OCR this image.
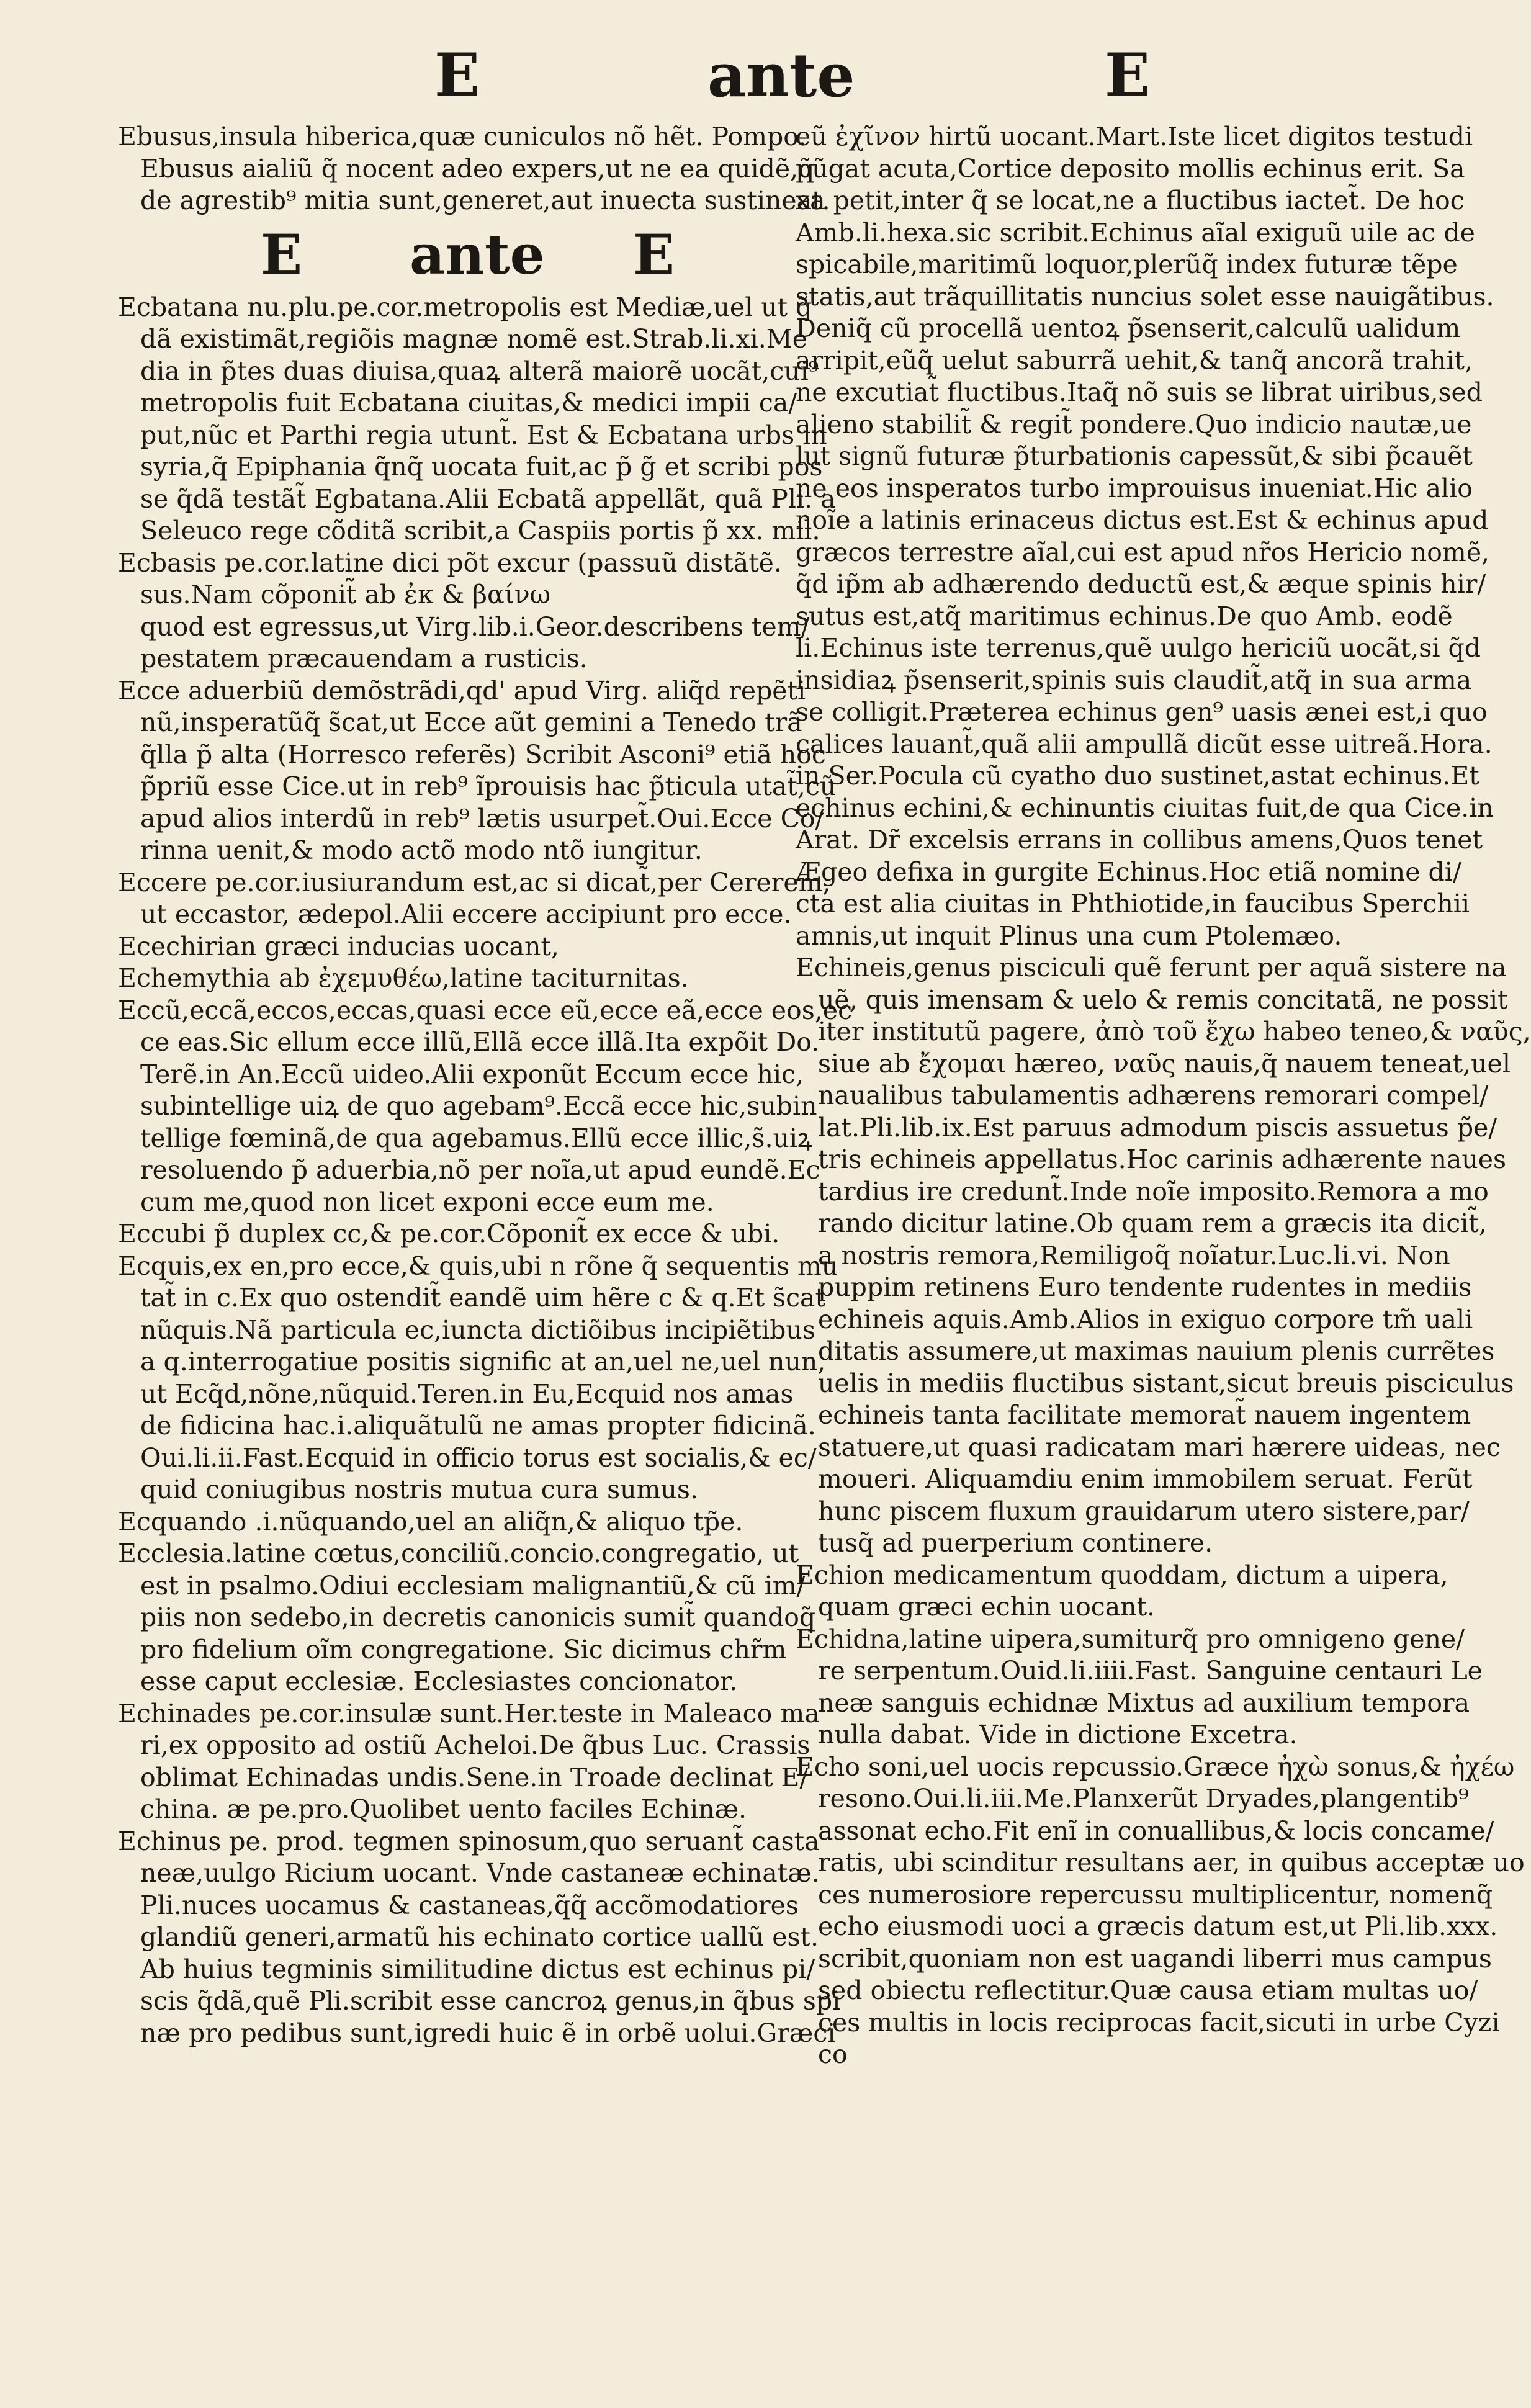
E	ante	E
Ebusus,insula hiberica,quæ cuniculos nõ hẽt. Pompo.
Ebusus aialiũ q̃ nocent adeo expers,ut ne ea quidẽ,q̃
de agrestib⁹ mitia sunt,generet,aut inuecta sustineat.
E ante E
Ecbatana nu.plu.pe.cor.metropolis est Mediæ,uel ut q̃
dã existimãt,regiõis magnæ nomẽ est.Strab.li.xi.Me
dia in p̃tes duas diuisa,quaꝝ alterã maiorẽ uocãt,cui⁹
metropolis fuit Ecbatana ciuitas,& medici impii ca/
put,nũc et Parthi regia utunt̃. Est & Ecbatana urbs in
syria,q̃ Epiphania q̃nq̃ uocata fuit,ac p̃ g̃ et scribi pos
se q̃dã testãt̃ Egbatana.Alii Ecbatã appellãt, quã Pli. a
Seleuco rege cõditã scribit,a Caspiis portis p̃ xx. mil.
Ecbasis pe.cor.latine dici põt excur (passuũ distãtẽ.
sus.Nam cõponit̃ ab ἐκ & βαίνω
quod est egressus,ut Virg.lib.i.Geor.describens tem/
pestatem præcauendam a rusticis.
Ecce aduerbiũ demõstrãdi,qd' apud Virg. aliq̃d repẽti
nũ,insperatũq̃ s̃cat,ut Ecce aũt gemini a Tenedo trã
q̃lla p̃ alta (Horresco referẽs) Scribit Asconi⁹ etiã hoc
p̃priũ esse Cice.ut in reb⁹ ĩprouisis hac p̃ticula utat̃,cũ
apud alios interdũ in reb⁹ lætis usurpet̃.Oui.Ecce Co/
rinna uenit,& modo actõ modo ntõ iungitur.
Eccere pe.cor.iusiurandum est,ac si dicat̃,per Cererem,
ut eccastor, ædepol.Alii eccere accipiunt pro ecce.
Ecechirian græci inducias uocant,
Echemythia ab ἐχεμυθέω,latine taciturnitas.
Eccũ,eccã,eccos,eccas,quasi ecce eũ,ecce eã,ecce eos,ec
ce eas.Sic ellum ecce illũ,Ellã ecce illã.Ita expõit Do.
Terẽ.in An.Eccũ uideo.Alii exponũt Eccum ecce hic,
subintellige uiꝝ de quo agebam⁹.Eccã ecce hic,subin
tellige fœminã,de qua agebamus.Ellũ ecce illic,s̃.uiꝝ
resoluendo p̃ aduerbia,nõ per noĩa,ut apud eundẽ.Ec
cum me,quod non licet exponi ecce eum me.
Eccubi p̃ duplex cc,& pe.cor.Cõponit̃ ex ecce & ubi.
Ecquis,ex en,pro ecce,& quis,ubi n rõne q̃ sequentis mu
tat̃ in c.Ex quo ostendit̃ eandẽ uim hẽre c & q.Et s̃cat
nũquis.Nã particula ec,iuncta dictiõibus incipiẽtibus
a q.interrogatiue positis signific at an,uel ne,uel nun,
ut Ecq̃d,nõne,nũquid.Teren.in Eu,Ecquid nos amas
de fidicina hac.i.aliquãtulũ ne amas propter fidicinã.
Oui.li.ii.Fast.Ecquid in officio torus est socialis,& ec/
quid coniugibus nostris mutua cura sumus.
Ecquando .i.nũquando,uel an aliq̃n,& aliquo tp̃e.
Ecclesia.latine cœtus,conciliũ.concio.congregatio, ut
est in psalmo.Odiui ecclesiam malignantiũ,& cũ im/
piis non sedebo,in decretis canonicis sumit̃ quandoq̃
pro fidelium oĩm congregatione. Sic dicimus chr̃m
esse caput ecclesiæ. Ecclesiastes concionator.
Echinades pe.cor.insulæ sunt.Her.teste in Maleaco ma
ri,ex opposito ad ostiũ Acheloi.De q̃bus Luc. Crassis
oblimat Echinadas undis.Sene.in Troade declinat E/
china. æ pe.pro.Quolibet uento faciles Echinæ.
Echinus pe. prod. tegmen spinosum,quo seruant̃ casta
neæ,uulgo Ricium uocant. Vnde castaneæ echinatæ.
Pli.nuces uocamus & castaneas,q̃q̃ accõmodatiores
glandiũ generi,armatũ his echinato cortice uallũ est.
Ab huius tegminis similitudine dictus est echinus pi/
scis q̃dã,quẽ Pli.scribit esse cancroꝝ genus,in q̃bus spi
næ pro pedibus sunt,igredi huic ẽ in orbẽ uolui.Græci
eũ ἐχῖνον hirtũ uocant.Mart.Iste licet digitos testudi
pũgat acuta,Cortice deposito mollis echinus erit. Sa
xa petit,inter q̃ se locat,ne a fluctibus iactet̃. De hoc
Amb.li.hexa.sic scribit.Echinus aĩal exiguũ uile ac de
spicabile,maritimũ loquor,plerũq̃ index futuræ tẽpe
statis,aut trãquillitatis nuncius solet esse nauigãtibus.
Deniq̃ cũ procellã uentoꝝ p̃senserit,calculũ ualidum
arripit,eũq̃ uelut saburrã uehit,& tanq̃ ancorã trahit,
ne excutiat̃ fluctibus.Itaq̃ nõ suis se librat uiribus,sed
alieno stabilit̃ & regit̃ pondere.Quo indicio nautæ,ue
lut signũ futuræ p̃turbationis capessũt,& sibi p̃cauẽt
ne eos insperatos turbo improuisus inueniat.Hic alio
noĩe a latinis erinaceus dictus est.Est & echinus apud
græcos terrestre aĩal,cui est apud nr̃os Hericio nomẽ,
q̃d ip̃m ab adhærendo deductũ est,& æque spinis hir/
sutus est,atq̃ maritimus echinus.De quo Amb. eodẽ
li.Echinus iste terrenus,quẽ uulgo hericiũ uocãt,si q̃d
insidiaꝝ p̃senserit,spinis suis claudit̃,atq̃ in sua arma
se colligit.Præterea echinus gen⁹ uasis ænei est,i quo
calices lauant̃,quã alii ampullã dicũt esse uitreã.Hora.
in Ser.Pocula cũ cyatho duo sustinet,astat echinus.Et
echinus echini,& echinuntis ciuitas fuit,de qua Cice.in
Arat. Dr̃ excelsis errans in collibus amens,Quos tenet
Ægeo defixa in gurgite Echinus.Hoc etiã nomine di/
cta est alia ciuitas in Phthiotide,in faucibus Sperchii
amnis,ut inquit Plinus una cum Ptolemæo.
Echineis,genus pisciculi quẽ ferunt per aquã sistere na
uẽ, quis imensam & uelo & remis concitatã, ne possit
iter institutũ pagere, ἀπὸ τοῦ ἔχω habeo teneo,& ναῦς,
siue ab ἔχομαι hæreo, ναῦς nauis,q̃ nauem teneat,uel
naualibus tabulamentis adhærens remorari compel/
lat.Pli.lib.ix.Est paruus admodum piscis assuetus p̃e/
tris echineis appellatus.Hoc carinis adhærente naues
tardius ire credunt̃.Inde noĩe imposito.Remora a mo
rando dicitur latine.Ob quam rem a græcis ita dicit̃,
a nostris remora,Remiligoq̃ noĩatur.Luc.li.vi. Non
puppim retinens Euro tendente rudentes in mediis
echineis aquis.Amb.Alios in exiguo corpore tm̃ uali
ditatis assumere,ut maximas nauium plenis currẽtes
uelis in mediis fluctibus sistant,sicut breuis pisciculus
echineis tanta facilitate memorat̃ nauem ingentem
statuere,ut quasi radicatam mari hærere uideas, nec
moueri. Aliquamdiu enim immobilem seruat. Ferũt
hunc piscem fluxum grauidarum utero sistere,par/
tusq̃ ad puerperium continere.
Echion medicamentum quoddam, dictum a uipera,
quam græci echin uocant.
Echidna,latine uipera,sumiturq̃ pro omnigeno gene/
re serpentum.Ouid.li.iiii.Fast. Sanguine centauri Le
neæ sanguis echidnæ Mixtus ad auxilium tempora
nulla dabat. Vide in dictione Excetra.
Echo soni,uel uocis repcussio.Græce ἠχὼ sonus,& ἠχέω
resono.Oui.li.iii.Me.Planxerũt Dryades,plangentib⁹
assonat echo.Fit enĩ in conuallibus,& locis concame/
ratis, ubi scinditur resultans aer, in quibus acceptæ uo
ces numerosiore repercussu multiplicentur, nomenq̃
echo eiusmodi uoci a græcis datum est,ut Pli.lib.xxx.
scribit,quoniam non est uagandi liberri mus campus
sed obiectu reflectitur.Quæ causa etiam multas uo/
ces multis in locis reciprocas facit,sicuti in urbe Cyzi
co
